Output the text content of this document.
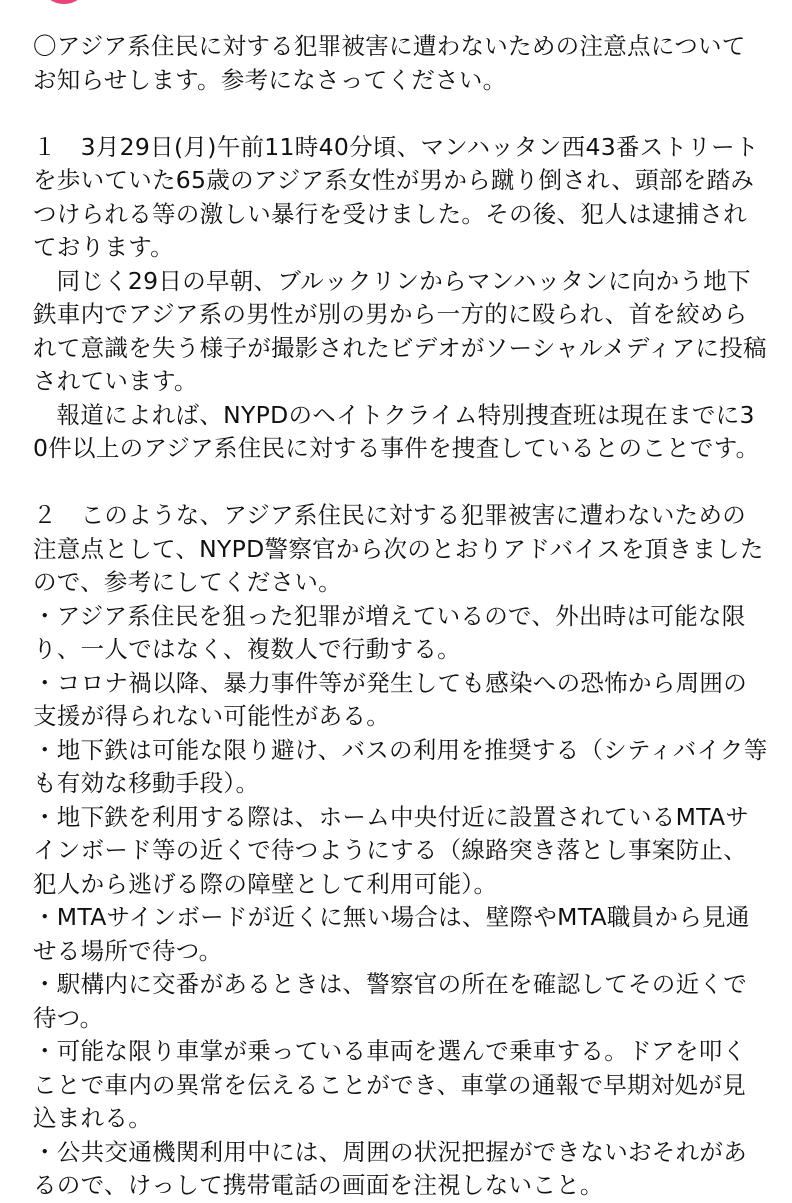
〇アジア系住民に対する犯罪被害に遭わないための注意点についてお知らせします。参考になさってください。

１　3月29日(月)午前11時40分頃、マンハッタン西43番ストリートを歩いていた65歳のアジア系女性が男から蹴り倒され、頭部を踏みつけられる等の激しい暴行を受けました。その後、犯人は逮捕されております。

同じく29日の早朝、ブルックリンからマンハッタンに向かう地下鉄車内でアジア系の男性が別の男から一方的に殴られ、首を絞められて意識を失う様子が撮影されたビデオがソーシャルメディアに投稿されています。

報道によれば、NYPDのヘイトクライム特別捜査班は現在までに30件以上のアジア系住民に対する事件を捜査しているとのことです。

２　このような、アジア系住民に対する犯罪被害に遭わないための注意点として、NYPD警察官から次のとおりアドバイスを頂きましたので、参考にしてください。

・アジア系住民を狙った犯罪が増えているので、外出時は可能な限り、一人ではなく、複数人で行動する。
・コロナ禍以降、暴力事件等が発生しても感染への恐怖から周囲の支援が得られない可能性がある。
・地下鉄は可能な限り避け、バスの利用を推奨する（シティバイク等も有効な移動手段）。
・地下鉄を利用する際は、ホーム中央付近に設置されているMTAサインボード等の近くで待つようにする（線路突き落とし事案防止、犯人から逃げる際の障壁として利用可能）。
・MTAサインボードが近くに無い場合は、壁際やMTA職員から見通せる場所で待つ。
・駅構内に交番があるときは、警察官の所在を確認してその近くで待つ。
・可能な限り車掌が乗っている車両を選んで乗車する。ドアを叩くことで車内の異常を伝えることができ、車掌の通報で早期対処が見込まれる。
・公共交通機関利用中には、周囲の状況把握ができないおそれがあるので、けっして携帯電話の画面を注視しないこと。
